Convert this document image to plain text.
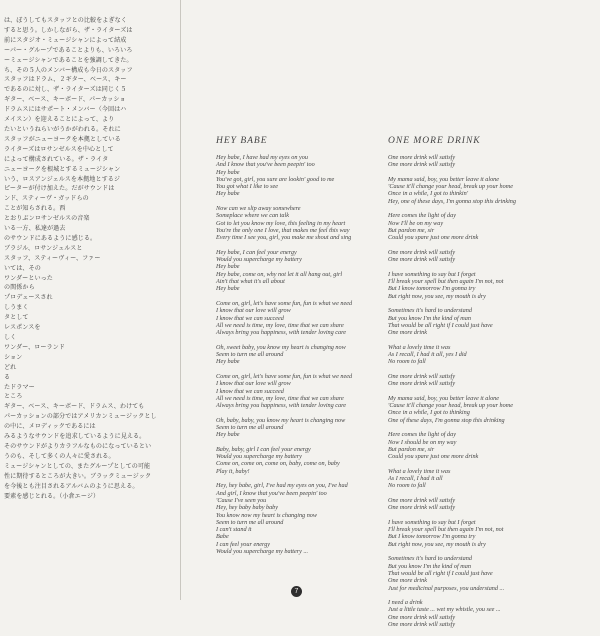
は、ぼうしてもスタッフとの比較をよぎなく

すると思う。しかしながら、ザ・ライターズは

前にスタジオ・ミュージシャンによって結成

ーパー・グループであることよりも、いろいろ

ーミュージシャンであることを強調してきた。

ち、その５人のメンバー構成も今日のスタッフ

スタッフはドラム、２ギター、ベース、キー

であるのに対し、ザ・ライターズは同じく５

ギター、ベース、キーボード、パーカッショ

ドラムスにはサポート・メンバー（今回はハ

メイスン）を迎えることによって、より

たいというねらいがうかがわれる。それに

スタッフがニューヨークを本拠としている

ライターズはロサンゼルスを中心として

によって構成されている。ザ・ライタ

ニューヨークを根城とするミュージシャン

いう、ロスアンジェルスを本拠地とするジ

ピーターが付け加えた。だがサウンドは

ンド、スティーヴ・ガッドらの

ことが知らされる。西

とおりぶンロサンゼルスの音楽

いる一方、私達が過去

のサウンドにあるように感じる。

ブラジル、ロサンジェルスと

スタッフ、スティーヴィー、ファー

いては、その

ワンダーといった

の関係から

プロデュースされ

しうまく

タとして

レスポンスを

しく

ワンダー、ローランド

ション

どれ

る

たドラマー

ところ

ギター、ベース、キーボード、ドラムス、わけても

パーカッションの部分ではアメリカンミュージックとし

の中に、メロディックであるには

みるようなサウンドを追求しているように見える。

そのサウンドがよりカラフルなものになっているとい

うのも、そして多くの人々に愛される。

ミュージシャンとしての、またグループとしての可能

性に期待するところが大きい。ブラックミュージック

を今後とも注目されるアルバムのように思える。

要素を感じとれる。（小倉エージ）

HEY BABE

Hey babe, I have had my eyes on you

And I know that you've been peepin' too

Hey babe

You've got, girl, you sure are lookin' good to me

You got what I like to see

Hey babe

Now can we slip away somewhere

Someplace where we can talk

Got to let you know my love, this feeling in my heart

You're the only one I love, that makes me feel this way

Every time I see you, girl, you make me shout and sing

Hey babe, I can feel your energy

Would you supercharge my battery

Hey babe

Hey babe, come on, why not let it all hang out, girl

Ain't that what it's all about

Hey babe

Come on, girl, let's have some fun, fun is what we need

I know that our love will grow

I know that we can succeed

All we need is time, my love, time that we can share

Always bring you happiness, with tender loving care

Oh, sweet baby, you know my heart is changing now

Seem to turn me all around

Hey babe

Come on, girl, let's have some fun, fun is what we need

I know that our love will grow

I know that we can succeed

All we need is time, my love, time that we can share

Always bring you happiness, with tender loving care

Oh, baby, baby, you know my heart is changing now

Seem to turn me all around

Hey babe

Baby, baby, girl I can feel your energy

Would you supercharge my battery

Come on, come on, come on, baby, come on, baby

Play it, baby!

Hey, hey babe, girl, I've had my eyes on you, I've had

And girl, I know that you've been peepin' too

'Cause I've seen you

Hey, hey baby baby baby

You know now my heart is changing now

Seem to turn me all around

I can't stand it

Babe

I can feel your energy

Would you supercharge my battery ...

ONE MORE DRINK

One more drink will satisfy

One more drink will satisfy

My mama said, boy, you better leave it alone

'Cause it'll change your head, break up your home

Once in a while, I got to thinkin'

Hey, one of these days, I'm gonna stop this drinking

Here comes the light of day

Now I'll be on my way

But pardon me, sir

Could you spare just one more drink

One more drink will satisfy

One more drink will satisfy

I have something to say but I forget

I'll break your spell but then again I'm not, not

But I know tomorrow I'm gonna try

But right now, you see, my mouth is dry

Sometimes it's hard to understand

But you know I'm the kind of man

That would be all right if I could just have

One more drink

What a lovely time it was

As I recall, I had it all, yes I did

No room to fall

One more drink will satisfy

One more drink will satisfy

My mama said, boy, you better leave it alone

'Cause it'll change your head, break up your home

Once in a while, I got to thinking

One of these days, I'm gonna stop this drinking

Here comes the light of day

Now I should be on my way

But pardon me, sir

Could you spare just one more drink

What a lovely time it was

As I recall, I had it all

No room to fall

One more drink will satisfy

One more drink will satisfy

I have something to say but I forget

I'll break your spell but then again I'm not, not

But I know tomorrow I'm gonna try

But right now, you see, my mouth is dry

Sometimes it's hard to understand

But you know I'm the kind of man

That would be all right if I could just have

One more drink

Just for medicinal purposes, you understand ...

I need a drink

Just a little taste ... wet my whistle, you see ...

One more drink will satisfy

One more drink will satisfy

7
